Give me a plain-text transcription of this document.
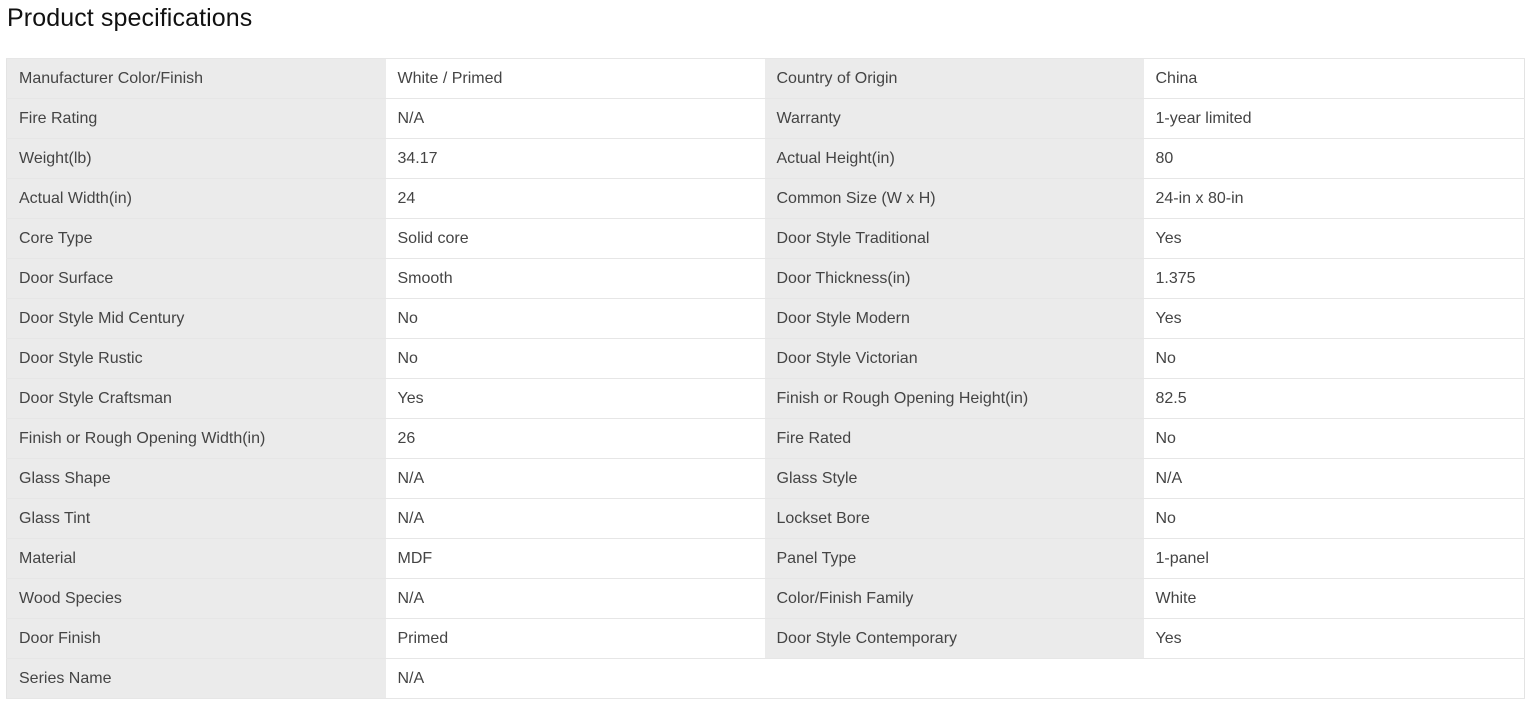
Product specifications
Manufacturer Color/Finish	White / Primed	Country of Origin	China
Fire Rating	N/A	Warranty	1-year limited
Weight(lb)	34.17	Actual Height(in)	80
Actual Width(in)	24	Common Size (W x H)	24-in x 80-in
Core Type	Solid core	Door Style Traditional	Yes
Door Surface	Smooth	Door Thickness(in)	1.375
Door Style Mid Century	No	Door Style Modern	Yes
Door Style Rustic	No	Door Style Victorian	No
Door Style Craftsman	Yes	Finish or Rough Opening Height(in)	82.5
Finish or Rough Opening Width(in)	26	Fire Rated	No
Glass Shape	N/A	Glass Style	N/A
Glass Tint	N/A	Lockset Bore	No
Material	MDF	Panel Type	1-panel
Wood Species	N/A	Color/Finish Family	White
Door Finish	Primed	Door Style Contemporary	Yes
Series Name	N/A		
